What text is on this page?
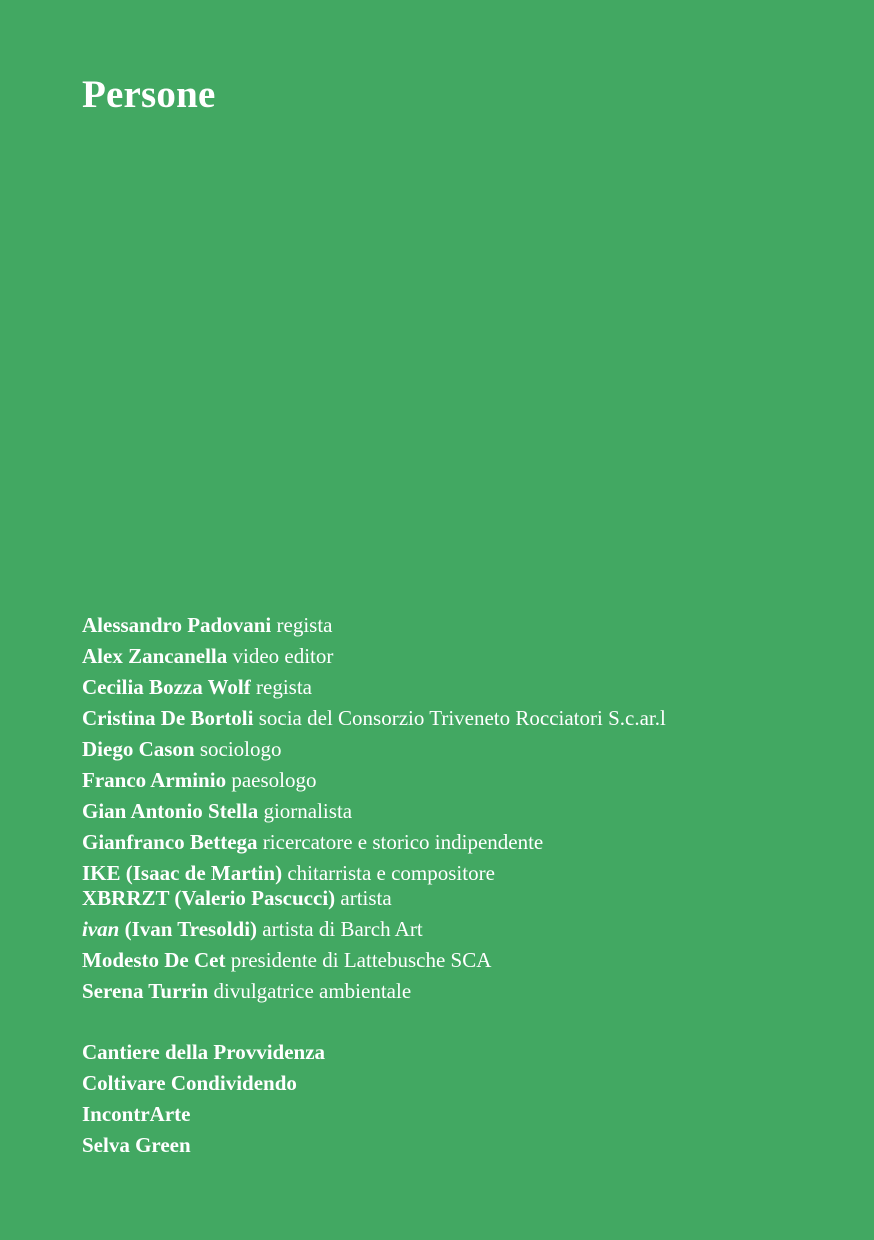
Persone
Alessandro Padovani regista
Alex Zancanella video editor
Cecilia Bozza Wolf regista
Cristina De Bortoli socia del Consorzio Triveneto Rocciatori S.c.ar.l
Diego Cason sociologo
Franco Arminio paesologo
Gian Antonio Stella giornalista
Gianfranco Bettega ricercatore e storico indipendente
IKE (Isaac de Martin) chitarrista e compositore
XBRRZT (Valerio Pascucci) artista
ivan (Ivan Tresoldi) artista di Barch Art
Modesto De Cet presidente di Lattebusche SCA
Serena Turrin divulgatrice ambientale
Cantiere della Provvidenza
Coltivare Condividendo
IncontrArte
Selva Green
